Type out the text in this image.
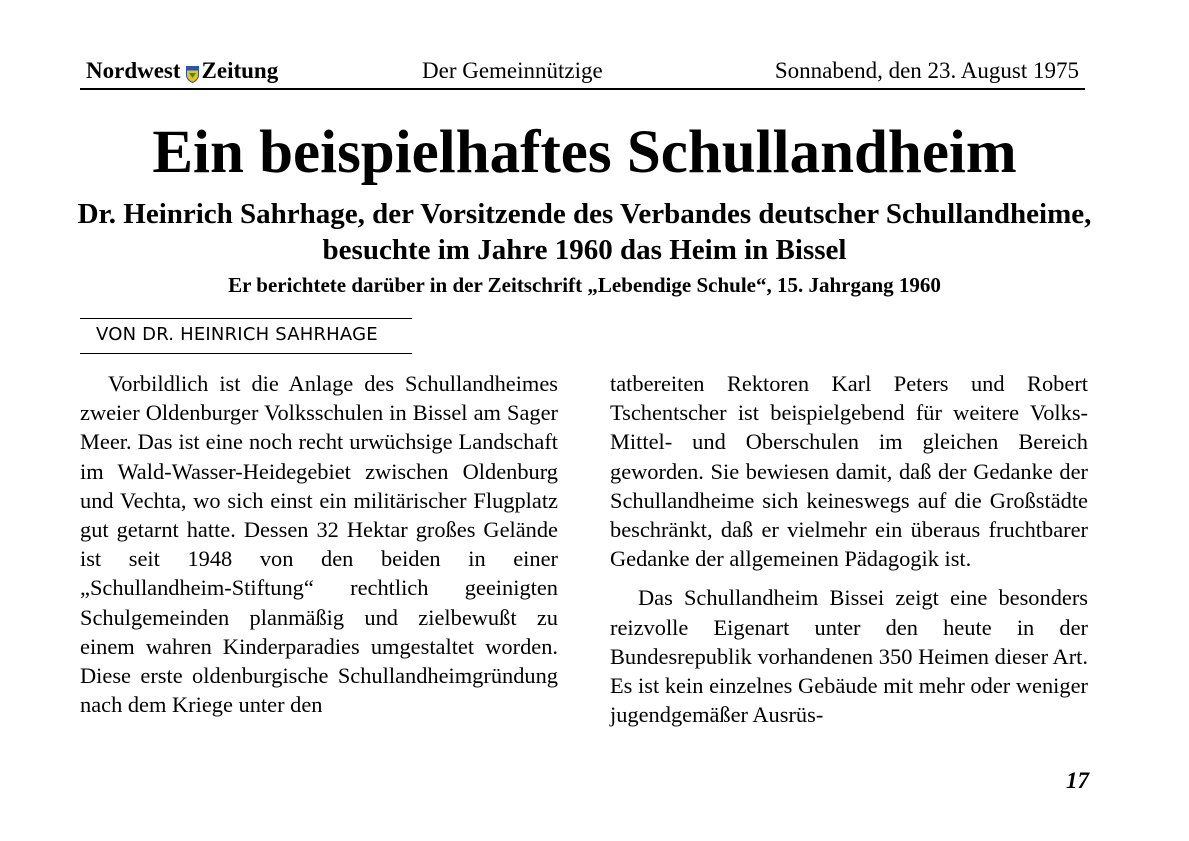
Nordwest Zeitung	Der Gemeinnützige	Sonnabend, den 23. August 1975
Ein beispielhaftes Schullandheim
Dr. Heinrich Sahrhage, der Vorsitzende des Verbandes deutscher Schullandheime, besuchte im Jahre 1960 das Heim in Bissel
Er berichtete darüber in der Zeitschrift „Lebendige Schule“, 15. Jahrgang 1960
VON DR. HEINRICH SAHRHAGE

Vorbildlich ist die Anlage des Schullandheimes zweier Oldenburger Volksschulen in Bissel am Sager Meer. Das ist eine noch recht urwüchsige Landschaft im Wald-Wasser-Heidegebiet zwischen Oldenburg und Vechta, wo sich einst ein militärischer Flugplatz gut getarnt hatte. Dessen 32 Hektar großes Gelände ist seit 1948 von den beiden in einer „Schullandheim-Stiftung“ rechtlich geeinigten Schulgemeinden planmäßig und zielbewußt zu einem wahren Kinderparadies umgestaltet worden. Diese erste oldenburgische Schullandheimgründung nach dem Kriege unter den

tatbereiten Rektoren Karl Peters und Robert Tschentscher ist beispielgebend für weitere Volks- Mittel- und Oberschulen im gleichen Bereich geworden. Sie bewiesen damit, daß der Gedanke der Schullandheime sich keineswegs auf die Großstädte beschränkt, daß er vielmehr ein überaus fruchtbarer Gedanke der allgemeinen Pädagogik ist.

Das Schullandheim Bissei zeigt eine besonders reizvolle Eigenart unter den heute in der Bundesrepublik vorhandenen 350 Heimen dieser Art. Es ist kein einzelnes Gebäude mit mehr oder weniger jugendgemäßer Ausrüs-

17
